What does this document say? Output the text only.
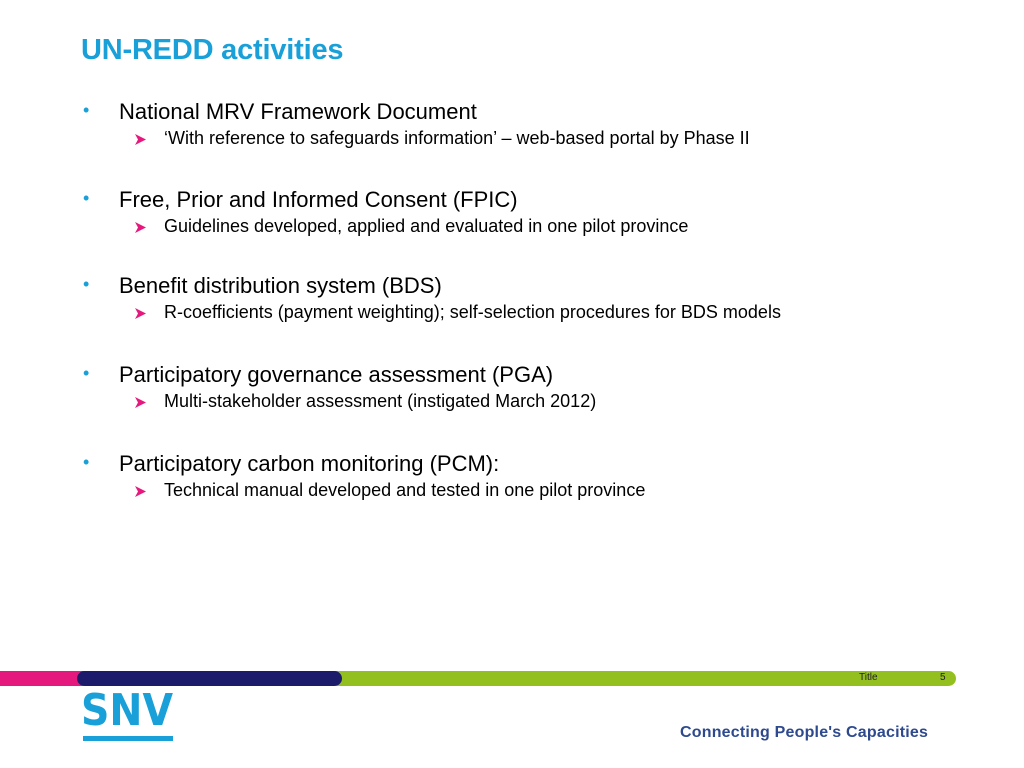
UN-REDD activities
• National MRV Framework Document
‘With reference to safeguards information’ – web-based portal by Phase II
• Free, Prior and Informed Consent (FPIC)
Guidelines developed, applied and evaluated in one pilot province
• Benefit distribution system (BDS)
R-coefficients (payment weighting); self-selection procedures for BDS models
• Participatory governance assessment (PGA)
Multi-stakeholder assessment (instigated March 2012)
• Participatory carbon monitoring (PCM):
Technical manual developed and tested in one pilot province
Title	5
SNV	Connecting People's Capacities
